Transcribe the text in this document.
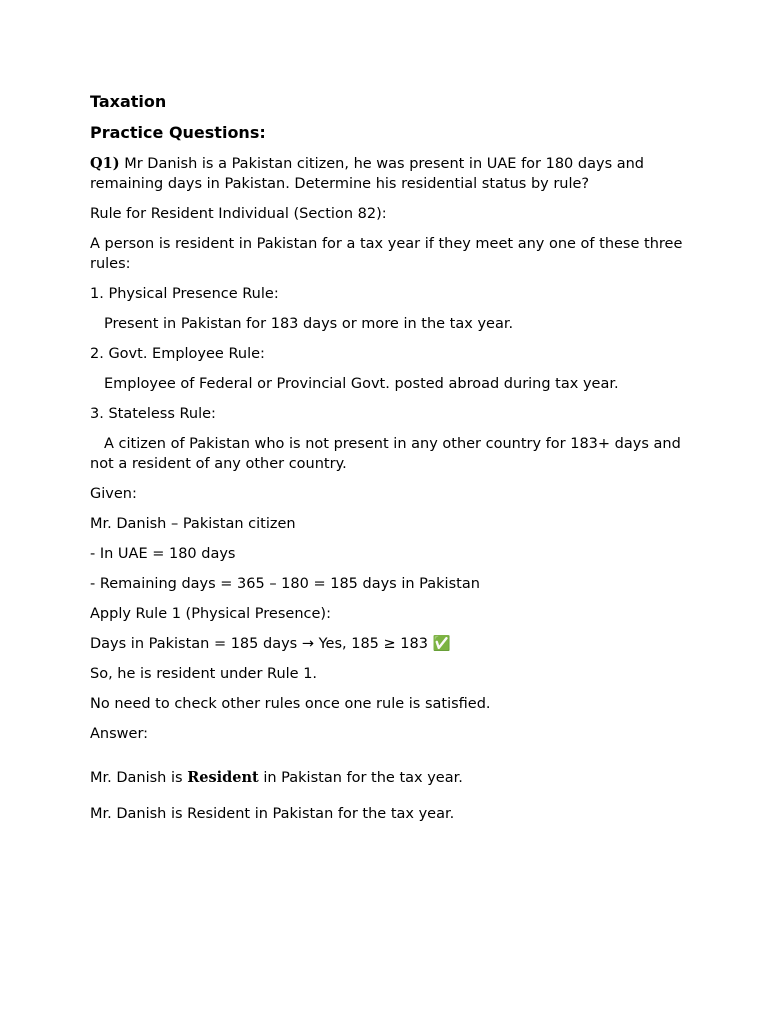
Taxation
Practice Questions:
Q1) Mr Danish is a Pakistan citizen, he was present in UAE for 180 days and remaining days in Pakistan. Determine his residential status by rule?
Rule for Resident Individual (Section 82):
A person is resident in Pakistan for a tax year if they meet any one of these three rules:
1. Physical Presence Rule:
Present in Pakistan for 183 days or more in the tax year.
2. Govt. Employee Rule:
Employee of Federal or Provincial Govt. posted abroad during tax year.
3. Stateless Rule:
A citizen of Pakistan who is not present in any other country for 183+ days and not a resident of any other country.
Given:
Mr. Danish – Pakistan citizen
- In UAE = 180 days
- Remaining days = 365 – 180 = 185 days in Pakistan
Apply Rule 1 (Physical Presence):
Days in Pakistan = 185 days → Yes, 185 ≥ 183 ✅
So, he is resident under Rule 1.
No need to check other rules once one rule is satisfied.
Answer:
Mr. Danish is Resident in Pakistan for the tax year.
Mr. Danish is Resident in Pakistan for the tax year.
